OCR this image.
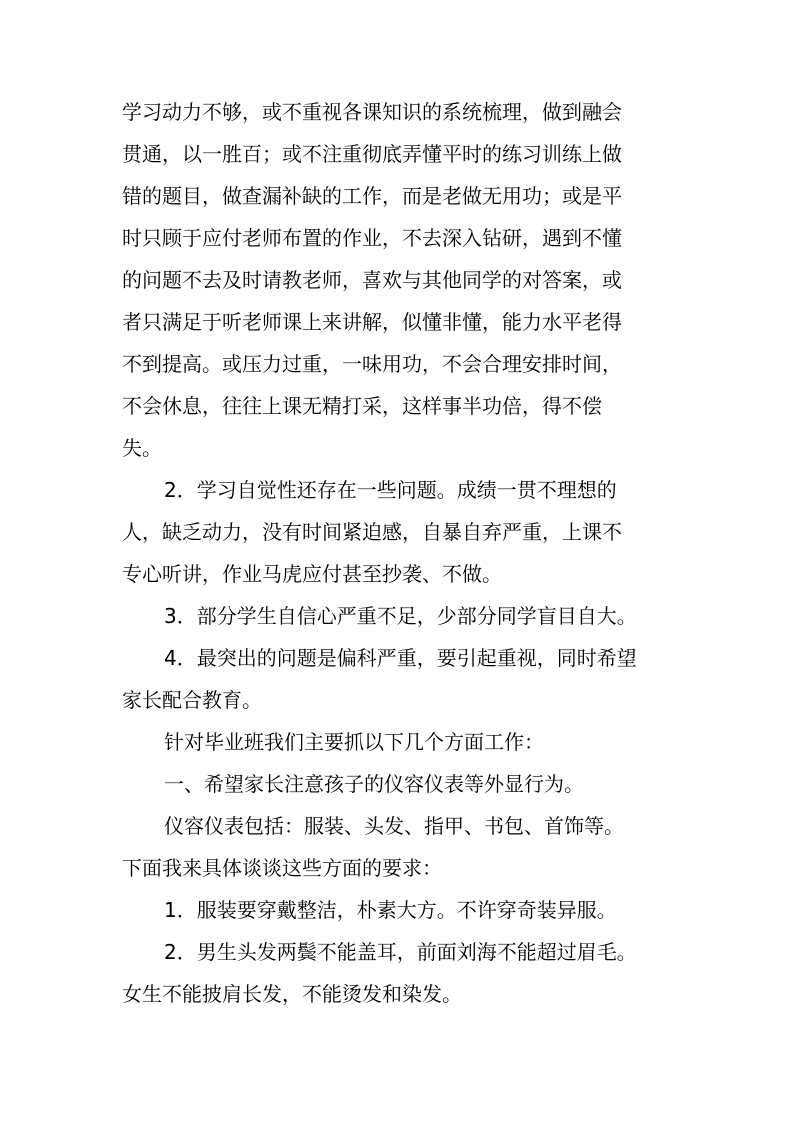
学习动力不够，或不重视各课知识的系统梳理，做到融会

贯通，以一胜百；或不注重彻底弄懂平时的练习训练上做

错的题目，做查漏补缺的工作，而是老做无用功；或是平

时只顾于应付老师布置的作业，不去深入钻研，遇到不懂

的问题不去及时请教老师，喜欢与其他同学的对答案，或

者只满足于听老师课上来讲解，似懂非懂，能力水平老得

不到提高。或压力过重，一味用功，不会合理安排时间，

不会休息，往往上课无精打采，这样事半功倍，得不偿

失。

2．学习自觉性还存在一些问题。成绩一贯不理想的

人，缺乏动力，没有时间紧迫感，自暴自弃严重，上课不

专心听讲，作业马虎应付甚至抄袭、不做。

3．部分学生自信心严重不足，少部分同学盲目自大。

4．最突出的问题是偏科严重，要引起重视，同时希望

家长配合教育。

针对毕业班我们主要抓以下几个方面工作：

一、希望家长注意孩子的仪容仪表等外显行为。

仪容仪表包括：服装、头发、指甲、书包、首饰等。

下面我来具体谈谈这些方面的要求：

1．服装要穿戴整洁，朴素大方。不许穿奇装异服。

2．男生头发两鬓不能盖耳，前面刘海不能超过眉毛。

女生不能披肩长发，不能烫发和染发。
